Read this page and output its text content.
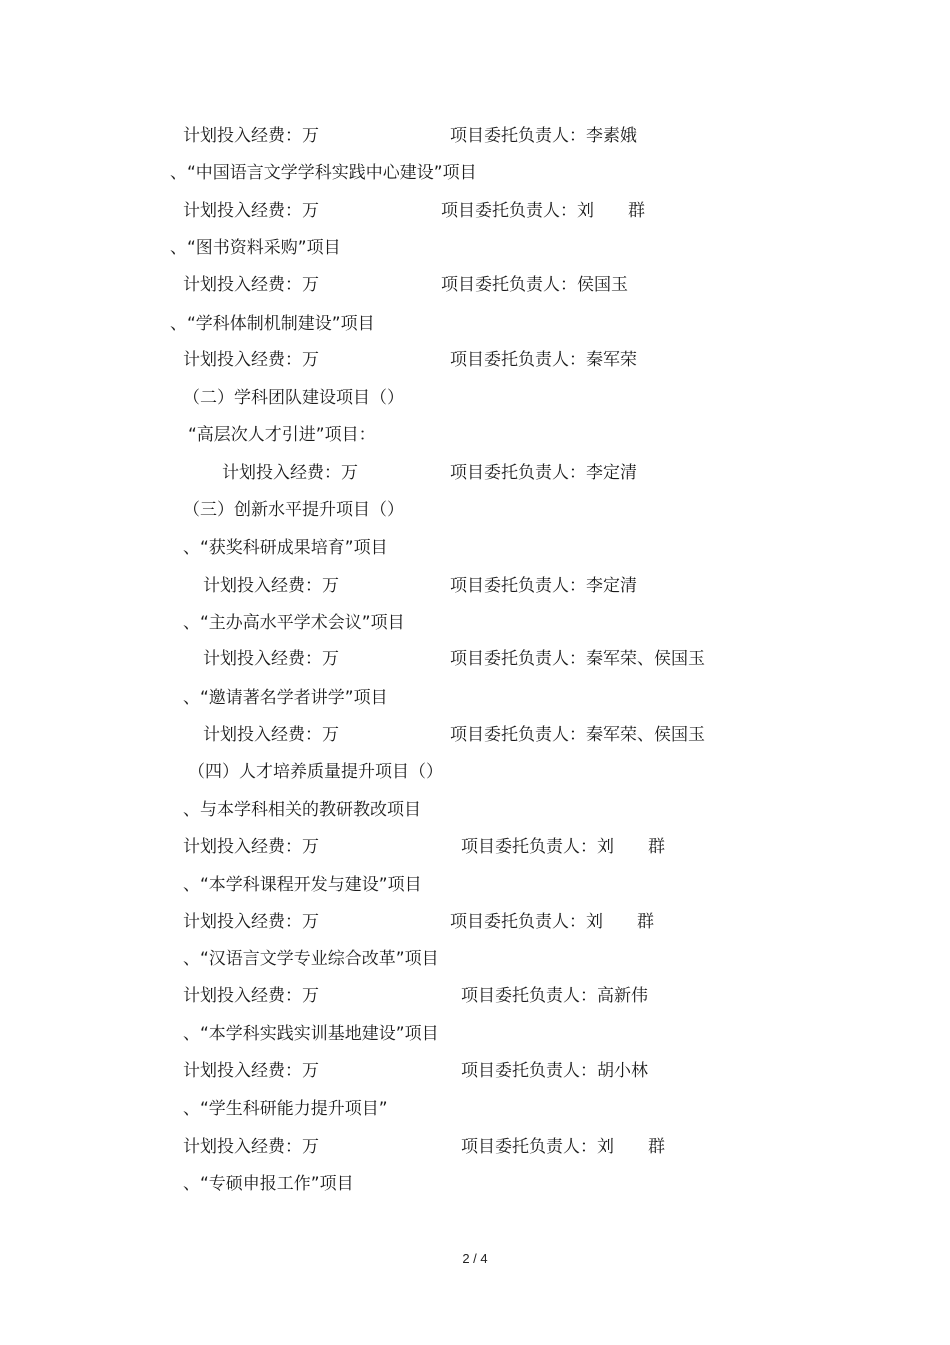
计划投入经费：万	项目委托负责人：李素娥
、“中国语言文学学科实践中心建设”项目
计划投入经费：万	项目委托负责人：刘　　群
、“图书资料采购”项目
计划投入经费：万	项目委托负责人：侯国玉
、“学科体制机制建设”项目
计划投入经费：万	项目委托负责人：秦军荣
（二）学科团队建设项目（）
“高层次人才引进”项目：
计划投入经费：万	项目委托负责人：李定清
（三）创新水平提升项目（）
、“获奖科研成果培育”项目
计划投入经费：万	项目委托负责人：李定清
、“主办高水平学术会议”项目
计划投入经费：万	项目委托负责人：秦军荣、侯国玉
、“邀请著名学者讲学”项目
计划投入经费：万	项目委托负责人：秦军荣、侯国玉
（四）人才培养质量提升项目（）
、与本学科相关的教研教改项目
计划投入经费：万	项目委托负责人：刘　　群
、“本学科课程开发与建设”项目
计划投入经费：万	项目委托负责人：刘　　群
、“汉语言文学专业综合改革”项目
计划投入经费：万	项目委托负责人：高新伟
、“本学科实践实训基地建设”项目
计划投入经费：万	项目委托负责人：胡小林
、“学生科研能力提升项目”
计划投入经费：万	项目委托负责人：刘　　群
、“专硕申报工作”项目
2 / 4
